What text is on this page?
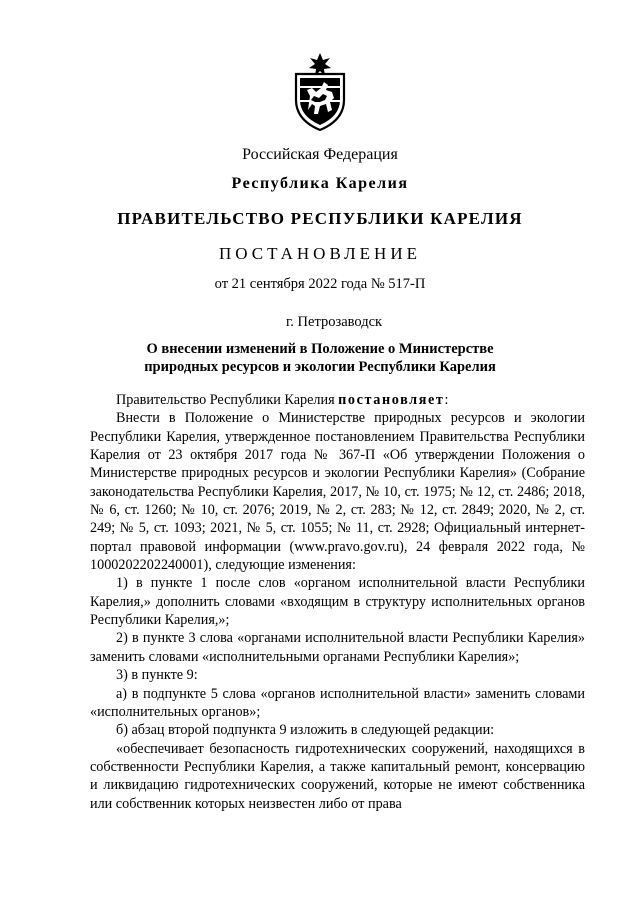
Российская Федерация
Республика Карелия
ПРАВИТЕЛЬСТВО РЕСПУБЛИКИ КАРЕЛИЯ
ПОСТАНОВЛЕНИЕ
от 21 сентября 2022 года № 517-П
г. Петрозаводск
О внесении изменений в Положение о Министерстве
природных ресурсов и экологии Республики Карелия

Правительство Республики Карелия постановляет:

Внести в Положение о Министерстве природных ресурсов и экологии Республики Карелия, утвержденное постановлением Правительства Республики Карелия от 23 октября 2017 года № 367-П «Об утверждении Положения о Министерстве природных ресурсов и экологии Республики Карелия» (Собрание законодательства Республики Карелия, 2017, № 10, ст. 1975; № 12, ст. 2486; 2018, № 6, ст. 1260; № 10, ст. 2076; 2019, № 2, ст. 283; № 12, ст. 2849; 2020, № 2, ст. 249; № 5, ст. 1093; 2021, № 5, ст. 1055; № 11, ст. 2928; Официальный интернет-портал правовой информации (www.pravo.gov.ru), 24 февраля 2022 года, № 1000202202240001), следующие изменения:

1) в пункте 1 после слов «органом исполнительной власти Республики Карелия,» дополнить словами «входящим в структуру исполнительных органов Республики Карелия,»;

2) в пункте 3 слова «органами исполнительной власти Республики Карелия» заменить словами «исполнительными органами Республики Карелия»;

3) в пункте 9:

а) в подпункте 5 слова «органов исполнительной власти» заменить словами «исполнительных органов»;

б) абзац второй подпункта 9 изложить в следующей редакции:

«обеспечивает безопасность гидротехнических сооружений, находящихся в собственности Республики Карелия, а также капитальный ремонт, консервацию и ликвидацию гидротехнических сооружений, которые не имеют собственника или собственник которых неизвестен либо от права
